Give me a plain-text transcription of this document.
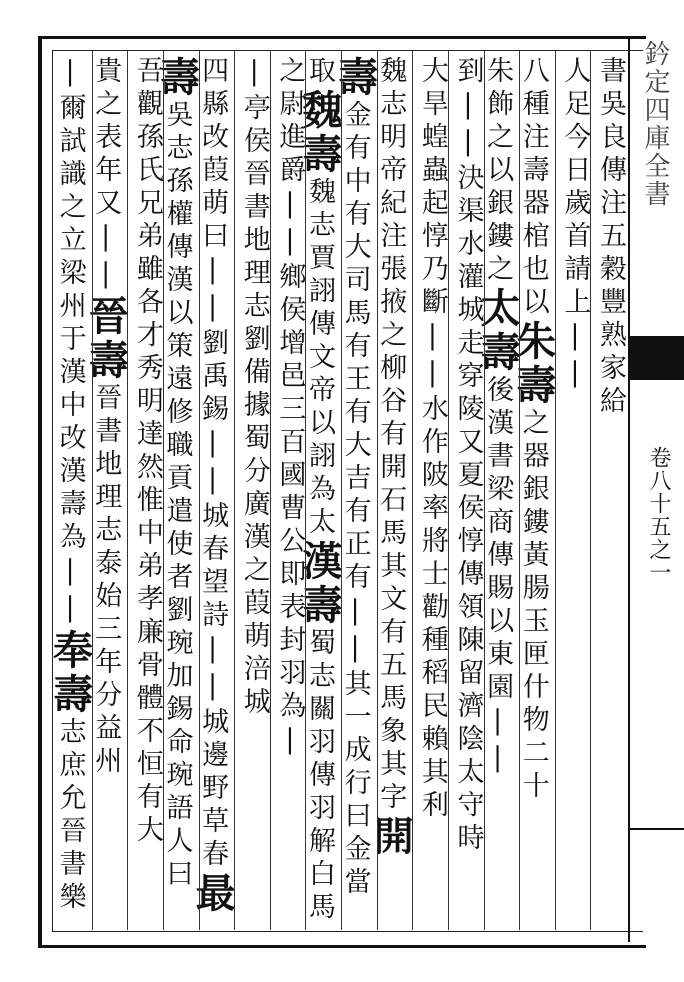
鈐定四庫全書
卷八十五之一
書吳良傳注五穀豐熟家給
人足今日歲首請上||
八種注壽器棺也以朱壽之器銀鏤黃腸玉匣什物二十
朱飾之以銀鏤之太壽後漢書梁商傳賜以東園||
到||決渠水灌城走穿陵又夏侯惇傳領陳留濟陰太守時
大旱蝗蟲起惇乃斷||水作陂率將士勸種稻民賴其利
魏志明帝紀注張掖之柳谷有開石馬其文有五馬象其字開
壽金有中有大司馬有王有大吉有正有||其一成行曰金當
取魏壽魏志賈詡傳文帝以詡為太漢壽蜀志關羽傳羽解白馬
之尉進爵||鄉侯增邑三百國曹公即表封羽為|
|亭侯晉書地理志劉備據蜀分廣漢之葭萌涪城
四縣改葭萌曰||劉禹錫||城春望詩||城邊野草春最
壽吳志孫權傳漢以策遠修職貢遣使者劉琬加錫命琬語人曰
吾觀孫氏兄弟雖各才秀明達然惟中弟孝廉骨體不恒有大
貴之表年又||晉壽晉書地理志泰始三年分益州
|爾試識之立梁州于漢中改漢壽為||奉壽志庶允晉書樂
